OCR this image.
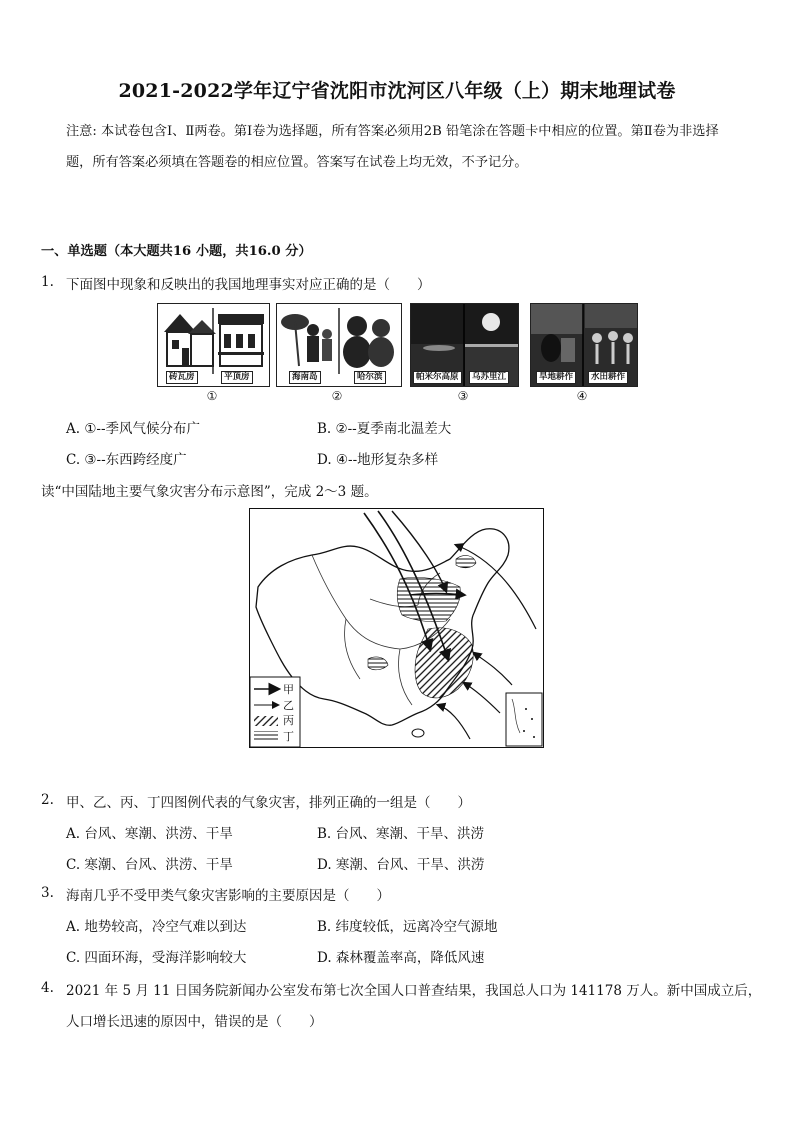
2021-2022学年辽宁省沈阳市沈河区八年级（上）期末地理试卷
注意: 本试卷包含Ⅰ、Ⅱ两卷。第Ⅰ卷为选择题，所有答案必须用2B 铅笔涂在答题卡中相应的位置。第Ⅱ卷为非选择
题，所有答案必须填在答题卷的相应位置。答案写在试卷上均无效，不予记分。
一、单选题（本大题共16 小题，共16.0 分）
1. 下面图中现象和反映出的我国地理事实对应正确的是（　　）
砖瓦房	平顶房	海南岛	哈尔滨	帕米尔高原	乌苏里江	旱地耕作	水田耕作
①	②	③	④
A. ①--季风气候分布广	B. ②--夏季南北温差大
C. ③--东西跨经度广	D. ④--地形复杂多样
读“中国陆地主要气象灾害分布示意图”，完成 2～3 题。
甲
乙
丙
丁
2. 甲、乙、丙、丁四图例代表的气象灾害，排列正确的一组是（　　）
A. 台风、寒潮、洪涝、干旱	B. 台风、寒潮、干旱、洪涝
C. 寒潮、台风、洪涝、干旱	D. 寒潮、台风、干旱、洪涝
3. 海南几乎不受甲类气象灾害影响的主要原因是（　　）
A. 地势较高，冷空气难以到达	B. 纬度较低，远离冷空气源地
C. 四面环海，受海洋影响较大	D. 森林覆盖率高，降低风速
4. 2021 年 5 月 11 日国务院新闻办公室发布第七次全国人口普查结果，我国总人口为 141178 万人。新中国成立后，
人口增长迅速的原因中，错误的是（　　）
